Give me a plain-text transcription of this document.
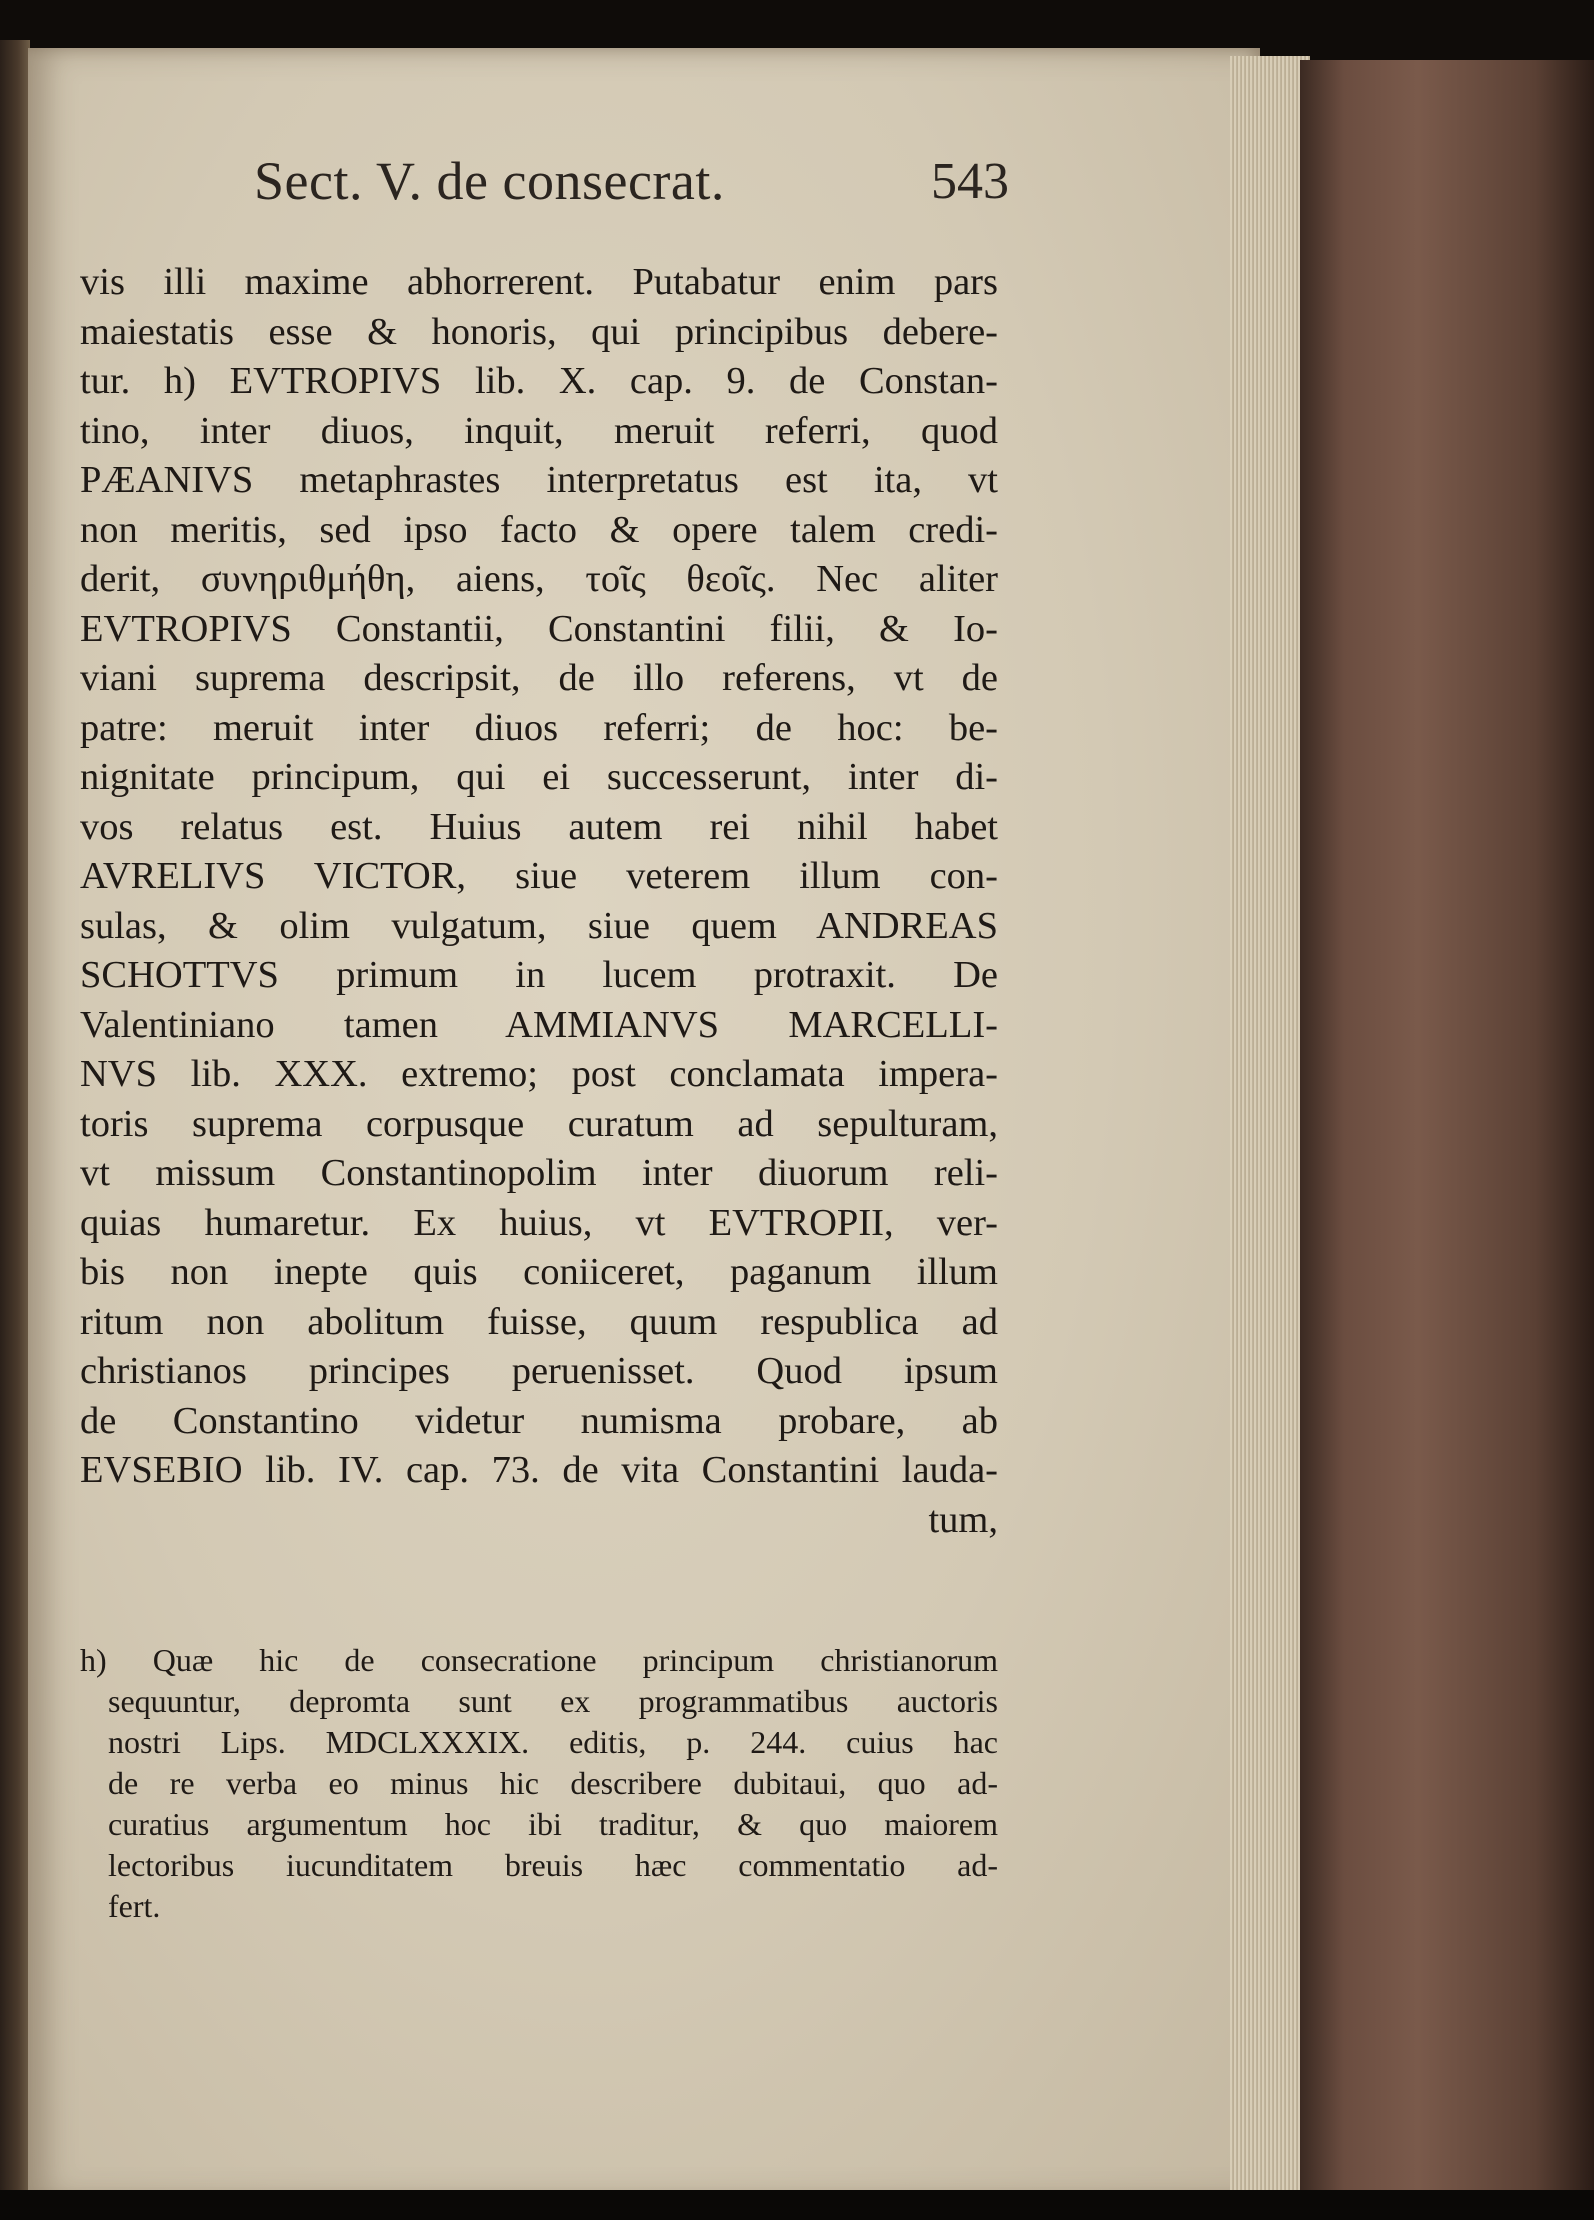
Sect. V. de consecrat.	543
vis illi maxime abhorrerent. Putabatur enim pars
maiestatis esse & honoris, qui principibus debere-
tur. h) EVTROPIVS lib. X. cap. 9. de Constan-
tino, inter diuos, inquit, meruit referri, quod
PÆANIVS metaphrastes interpretatus est ita, vt
non meritis, sed ipso facto & opere talem credi-
derit, συνηριθμήθη, aiens, τοῖς θεοῖς. Nec aliter
EVTROPIVS Constantii, Constantini filii, & Io-
viani suprema descripsit, de illo referens, vt de
patre: meruit inter diuos referri; de hoc: be-
nignitate principum, qui ei successerunt, inter di-
vos relatus est. Huius autem rei nihil habet
AVRELIVS VICTOR, siue veterem illum con-
sulas, & olim vulgatum, siue quem ANDREAS
SCHOTTVS primum in lucem protraxit. De
Valentiniano tamen AMMIANVS MARCELLI-
NVS lib. XXX. extremo; post conclamata impera-
toris suprema corpusque curatum ad sepulturam,
vt missum Constantinopolim inter diuorum reli-
quias humaretur. Ex huius, vt EVTROPII, ver-
bis non inepte quis coniiceret, paganum illum
ritum non abolitum fuisse, quum respublica ad
christianos principes peruenisset. Quod ipsum
de Constantino videtur numisma probare, ab
EVSEBIO lib. IV. cap. 73. de vita Constantini lauda-
tum,
h) Quæ hic de consecratione principum christianorum
sequuntur, depromta sunt ex programmatibus auctoris
nostri Lips. MDCLXXXIX. editis, p. 244. cuius hac
de re verba eo minus hic describere dubitaui, quo ad-
curatius argumentum hoc ibi traditur, & quo maiorem
lectoribus iucunditatem breuis hæc commentatio ad-
fert.
